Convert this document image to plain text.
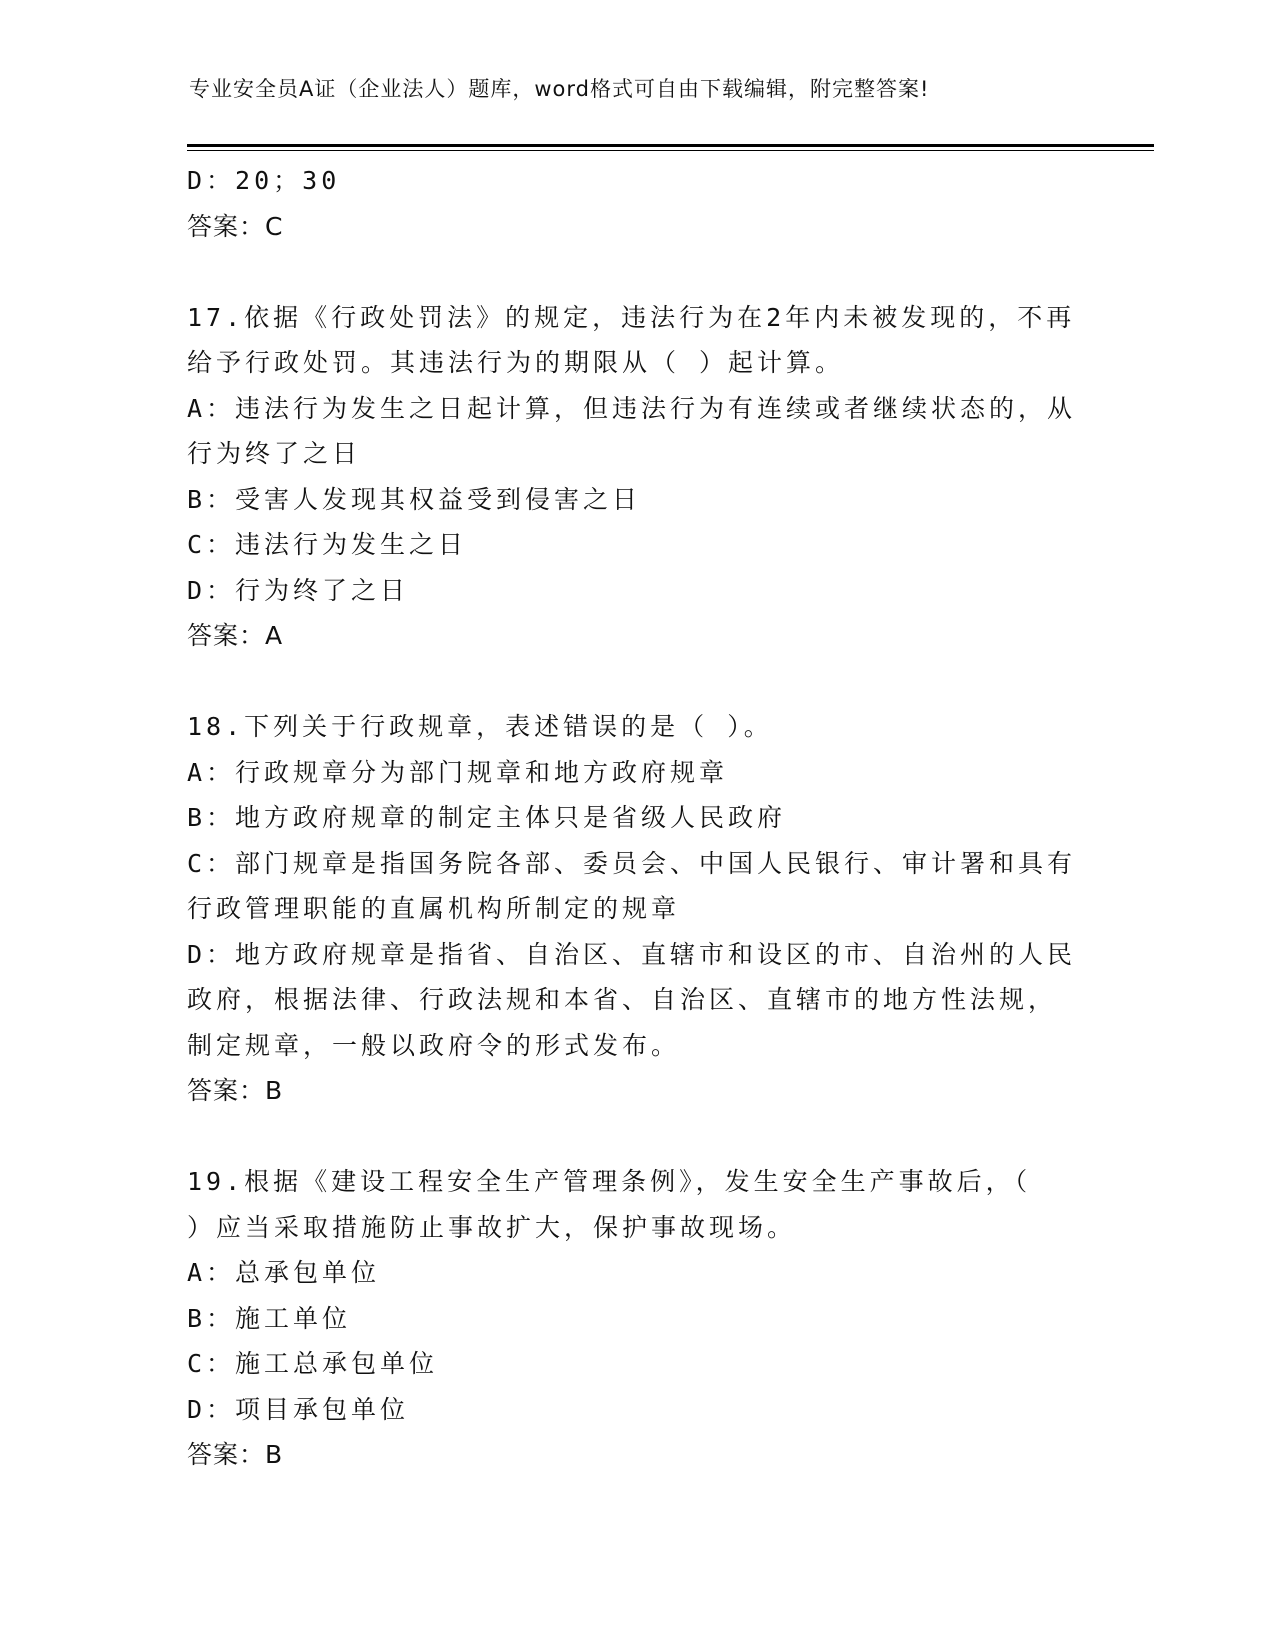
专业安全员A证（企业法人）题库，word格式可自由下载编辑，附完整答案!
D：20；30
答案：C
17.依据《行政处罚法》的规定，违法行为在2年内未被发现的，不再
给予行政处罚。其违法行为的期限从（ ）起计算。
A：违法行为发生之日起计算，但违法行为有连续或者继续状态的，从
行为终了之日
B：受害人发现其权益受到侵害之日
C：违法行为发生之日
D：行为终了之日
答案：A
18.下列关于行政规章，表述错误的是（ ）。
A：行政规章分为部门规章和地方政府规章
B：地方政府规章的制定主体只是省级人民政府
C：部门规章是指国务院各部、委员会、中国人民银行、审计署和具有
行政管理职能的直属机构所制定的规章
D：地方政府规章是指省、自治区、直辖市和设区的市、自治州的人民
政府，根据法律、行政法规和本省、自治区、直辖市的地方性法规，
制定规章，一般以政府令的形式发布。
答案：B
19.根据《建设工程安全生产管理条例》，发生安全生产事故后，（
）应当采取措施防止事故扩大，保护事故现场。
A：总承包单位
B：施工单位
C：施工总承包单位
D：项目承包单位
答案：B
